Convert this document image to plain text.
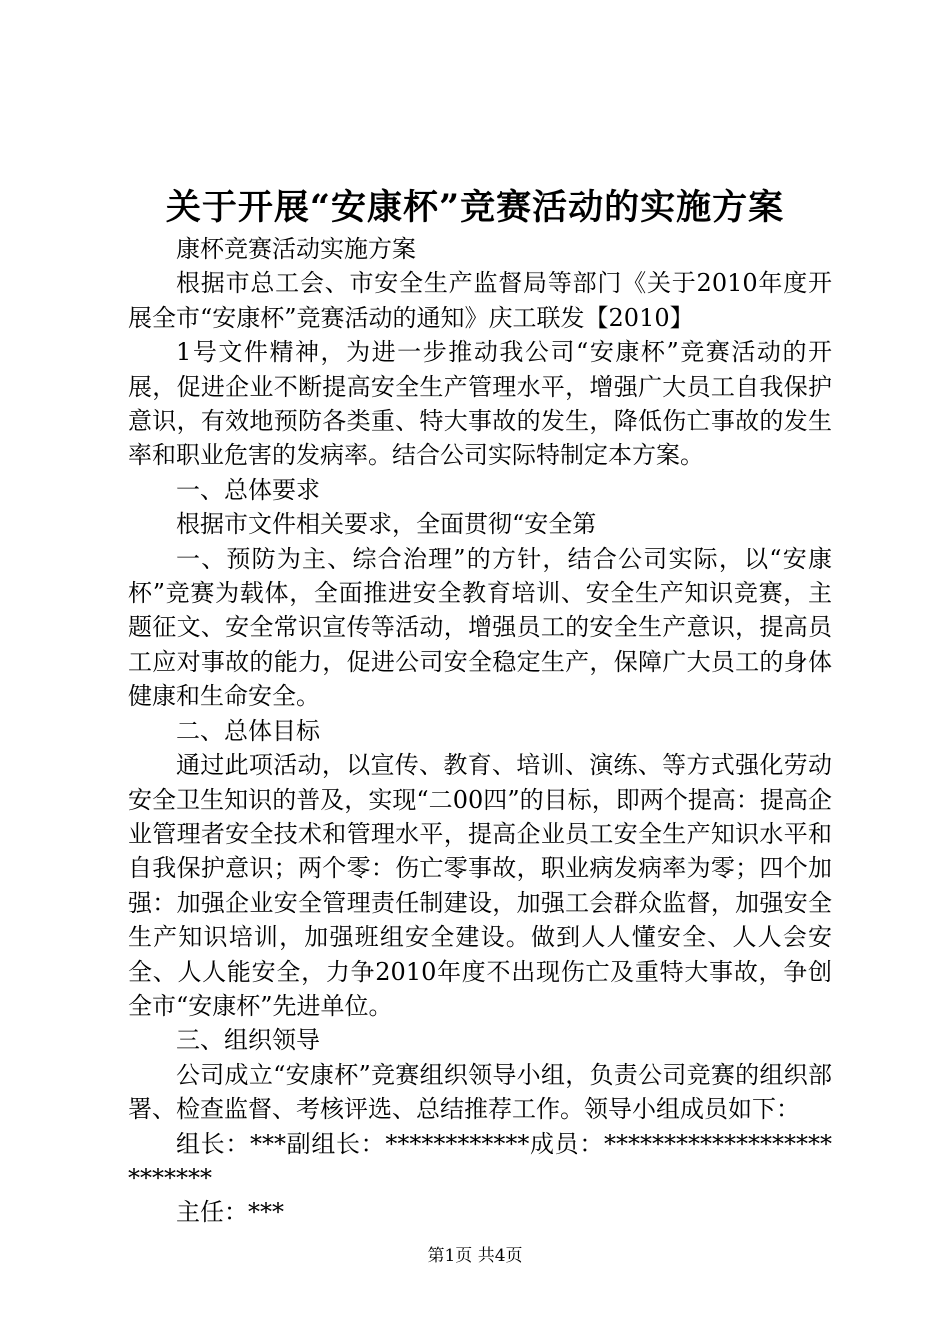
关于开展“安康杯”竞赛活动的实施方案

康杯竞赛活动实施方案

根据市总工会、市安全生产监督局等部门《关于2010年度开展全市“安康杯”竞赛活动的通知》庆工联发【2010】

1号文件精神，为进一步推动我公司“安康杯”竞赛活动的开展，促进企业不断提高安全生产管理水平，增强广大员工自我保护意识，有效地预防各类重、特大事故的发生，降低伤亡事故的发生率和职业危害的发病率。结合公司实际特制定本方案。

一、总体要求

根据市文件相关要求，全面贯彻“安全第

一、预防为主、综合治理”的方针，结合公司实际，以“安康杯”竞赛为载体，全面推进安全教育培训、安全生产知识竞赛，主题征文、安全常识宣传等活动，增强员工的安全生产意识，提高员工应对事故的能力，促进公司安全稳定生产，保障广大员工的身体健康和生命安全。

二、总体目标

通过此项活动，以宣传、教育、培训、演练、等方式强化劳动安全卫生知识的普及，实现“二00四”的目标，即两个提高：提高企业管理者安全技术和管理水平，提高企业员工安全生产知识水平和自我保护意识；两个零：伤亡零事故，职业病发病率为零；四个加强：加强企业安全管理责任制建设，加强工会群众监督，加强安全生产知识培训，加强班组安全建设。做到人人懂安全、人人会安全、人人能安全，力争2010年度不出现伤亡及重特大事故，争创全市“安康杯”先进单位。

三、组织领导

公司成立“安康杯”竞赛组织领导小组，负责公司竞赛的组织部署、检查监督、考核评选、总结推荐工作。领导小组成员如下：

组长：***副组长：************成员：**************************

主任：***

第1页 共4页
